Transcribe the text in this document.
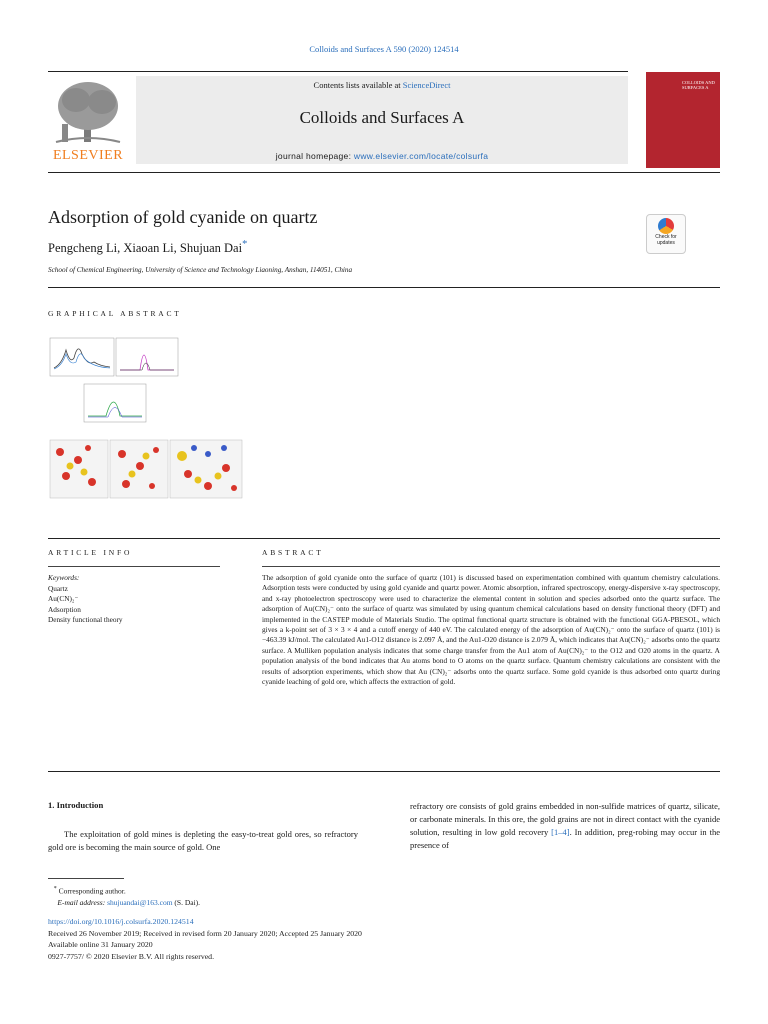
Colloids and Surfaces A 590 (2020) 124514
ELSEVIER
Contents lists available at ScienceDirect
Colloids and Surfaces A
journal homepage: www.elsevier.com/locate/colsurfa
COLLOIDS AND SURFACES A
Adsorption of gold cyanide on quartz
Pengcheng Li, Xiaoan Li, Shujuan Dai*
School of Chemical Engineering, University of Science and Technology Liaoning, Anshan, 114051, China
Check for
updates
GRAPHICAL ABSTRACT
ARTICLE INFO	ABSTRACT
Keywords:
Quartz
Au(CN)₂⁻
Adsorption
Density functional theory
The adsorption of gold cyanide onto the surface of quartz (101) is discussed based on experimentation combined with quantum chemistry calculations. Adsorption tests were conducted by using gold cyanide and quartz power. Atomic absorption, infrared spectroscopy, energy-dispersive x-ray spectroscopy, and x-ray photoelectron spectroscopy were used to characterize the elemental content in solution and species adsorbed onto the quartz surface. The adsorption of Au(CN)₂⁻ onto the surface of quartz was simulated by using quantum chemical calculations based on density functional theory (DFT) and implemented in the CASTEP module of Materials Studio. The optimal functional quartz structure is obtained with the functional GGA-PBESOL, which gives a k-point set of 3 × 3 × 4 and a cutoff energy of 440 eV. The calculated energy of the adsorption of Au(CN)₂⁻ onto the surface of quartz (101) is −463.39 kJ/mol. The calculated Au1-O12 distance is 2.097 Å, and the Au1-O20 distance is 2.079 Å, which indicates that Au(CN)₂⁻ adsorbs onto the quartz surface. A Mulliken population analysis indicates that some charge transfer from the Au1 atom of Au(CN)₂⁻ to the O12 and O20 atoms in the quartz. A population analysis of the bond indicates that Au atoms bond to O atoms on the quartz surface. Quantum chemistry calculations are consistent with the results of adsorption experiments, which show that Au (CN)₂⁻ adsorbs onto the quartz surface. Some gold cyanide is thus adsorbed onto quartz during cyanide leaching of gold ore, which affects the extraction of gold.
1. Introduction
The exploitation of gold mines is depleting the easy-to-treat gold ores, so refractory gold ore is becoming the main source of gold. One
refractory ore consists of gold grains embedded in non-sulfide matrices of quartz, silicate, or carbonate minerals. In this ore, the gold grains are not in direct contact with the cyanide solution, resulting in low gold recovery [1–4]. In addition, preg-robing may occur in the presence of
* Corresponding author.
E-mail address: shujuandai@163.com (S. Dai).
https://doi.org/10.1016/j.colsurfa.2020.124514
Received 26 November 2019; Received in revised form 20 January 2020; Accepted 25 January 2020
Available online 31 January 2020
0927-7757/ © 2020 Elsevier B.V. All rights reserved.
